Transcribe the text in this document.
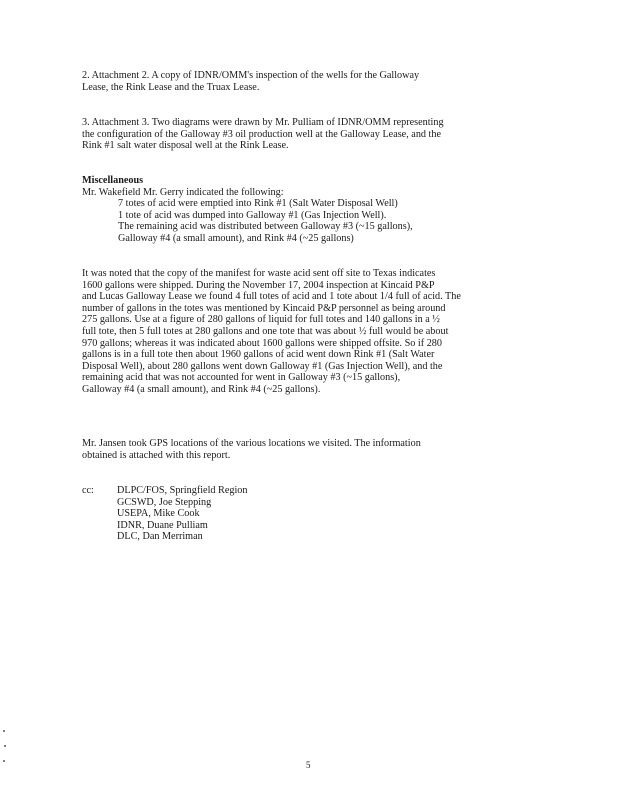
2. Attachment 2. A copy of IDNR/OMM's inspection of the wells for the Galloway
Lease, the Rink Lease and the Truax Lease.

3. Attachment 3. Two diagrams were drawn by Mr. Pulliam of IDNR/OMM representing
the configuration of the Galloway #3 oil production well at the Galloway Lease, and the
Rink #1 salt water disposal well at the Rink Lease.

Miscellaneous
Mr. Wakefield Mr. Gerry indicated the following:
7 totes of acid were emptied into Rink #1 (Salt Water Disposal Well)
1 tote of acid was dumped into Galloway #1 (Gas Injection Well).
The remaining acid was distributed between Galloway #3 (~15 gallons),
Galloway #4 (a small amount), and Rink #4 (~25 gallons)

It was noted that the copy of the manifest for waste acid sent off site to Texas indicates
1600 gallons were shipped. During the November 17, 2004 inspection at Kincaid P&P
and Lucas Galloway Lease we found 4 full totes of acid and 1 tote about 1/4 full of acid. The
number of gallons in the totes was mentioned by Kincaid P&P personnel as being around
275 gallons. Use at a figure of 280 gallons of liquid for full totes and 140 gallons in a ½
full tote, then 5 full totes at 280 gallons and one tote that was about ½ full would be about
970 gallons; whereas it was indicated about 1600 gallons were shipped offsite. So if 280
gallons is in a full tote then about 1960 gallons of acid went down Rink #1 (Salt Water
Disposal Well), about 280 gallons went down Galloway #1 (Gas Injection Well), and the
remaining acid that was not accounted for went in Galloway #3 (~15 gallons),
Galloway #4 (a small amount), and Rink #4 (~25 gallons).

Mr. Jansen took GPS locations of the various locations we visited. The information
obtained is attached with this report.

cc: DLPC/FOS, Springfield Region
GCSWD, Joe Stepping
USEPA, Mike Cook
IDNR, Duane Pulliam
DLC, Dan Merriman
5
